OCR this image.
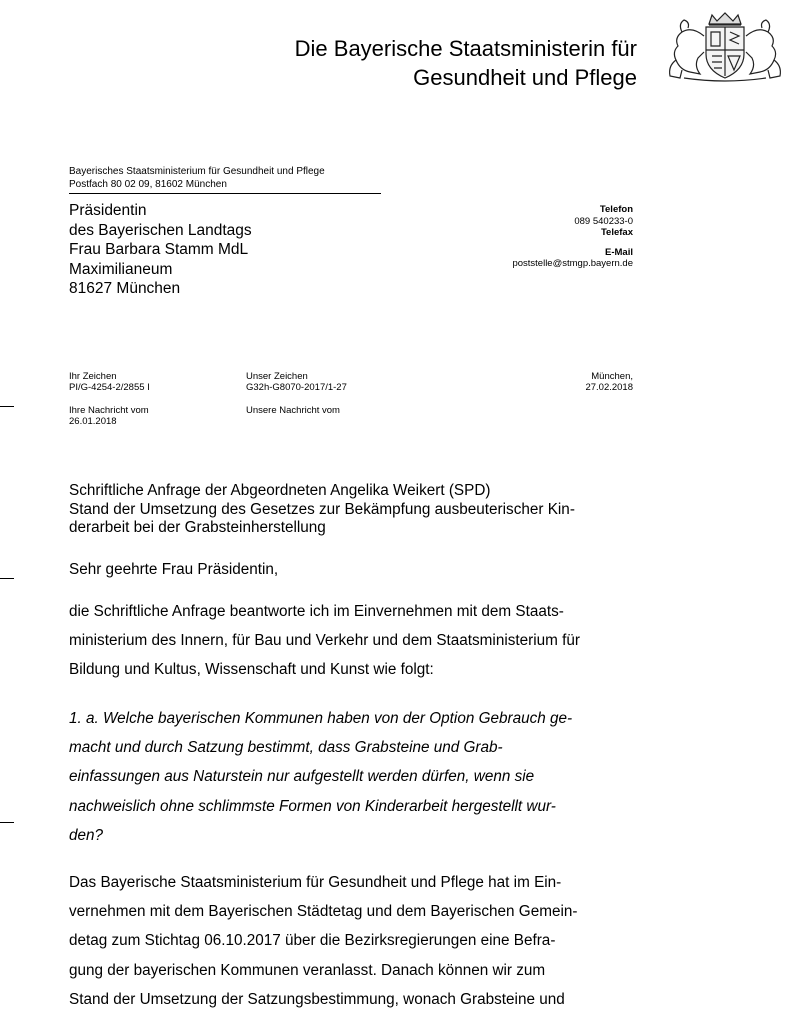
Die Bayerische Staatsministerin für
Gesundheit und Pflege
Bayerisches Staatsministerium für Gesundheit und Pflege
Postfach 80 02 09, 81602 München
Präsidentin
des Bayerischen Landtags
Frau Barbara Stamm MdL
Maximilianeum
81627 München
Telefon
089 540233-0
Telefax
E-Mail
poststelle@stmgp.bayern.de
Ihr Zeichen
PI/G-4254-2/2855 I
Unser Zeichen
G32h-G8070-2017/1-27
München,
27.02.2018
Ihre Nachricht vom
26.01.2018
Unsere Nachricht vom
Schriftliche Anfrage der Abgeordneten Angelika Weikert (SPD)
Stand der Umsetzung des Gesetzes zur Bekämpfung ausbeuterischer Kin-
derarbeit bei der Grabsteinherstellung
Sehr geehrte Frau Präsidentin,
die Schriftliche Anfrage beantworte ich im Einvernehmen mit dem Staats-
ministerium des Innern, für Bau und Verkehr und dem Staatsministerium für
Bildung und Kultus, Wissenschaft und Kunst wie folgt:
1. a. Welche bayerischen Kommunen haben von der Option Gebrauch ge-
macht und durch Satzung bestimmt, dass Grabsteine und Grab-
einfassungen aus Naturstein nur aufgestellt werden dürfen, wenn sie
nachweislich ohne schlimmste Formen von Kinderarbeit hergestellt wur-
den?
Das Bayerische Staatsministerium für Gesundheit und Pflege hat im Ein-
vernehmen mit dem Bayerischen Städtetag und dem Bayerischen Gemein-
detag zum Stichtag 06.10.2017 über die Bezirksregierungen eine Befra-
gung der bayerischen Kommunen veranlasst. Danach können wir zum
Stand der Umsetzung der Satzungsbestimmung, wonach Grabsteine und
